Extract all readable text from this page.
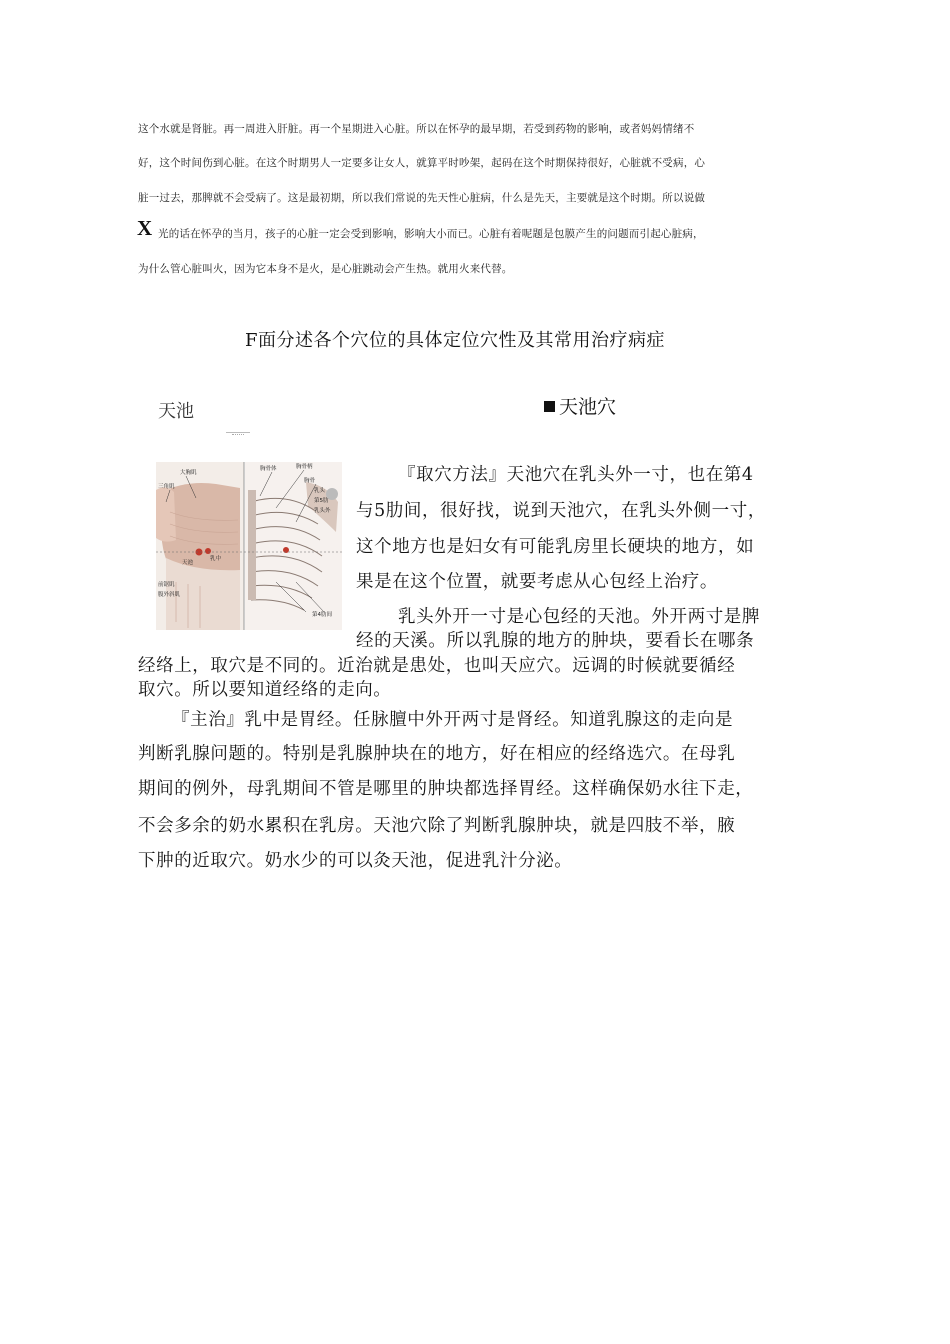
这个水就是肾脏。再一周进入肝脏。再一个星期进入心脏。所以在怀孕的最早期，若受到药物的影响，或者妈妈情绪不
好，这个时间伤到心脏。在这个时期男人一定要多让女人，就算平时吵架，起码在这个时期保持很好，心脏就不受病，心
脏一过去，那脾就不会受病了。这是最初期，所以我们常说的先天性心脏病，什么是先天，主要就是这个时期。所以说做
X 光的话在怀孕的当月，孩子的心脏一定会受到影响，影响大小而已。心脏有着呢题是包膜产生的问题而引起心脏病，
为什么管心脏叫火，因为它本身不是火，是心脏跳动会产生热。就用火来代替。
F面分述各个穴位的具体定位穴性及其常用治疗病症
天池	天池穴
大胸肌
三角肌
胸骨体	胸骨柄
胸骨
乳中
天池
前锯肌
腹外斜肌
第4肋间
乳头
第5肋
乳头外
『取穴方法』天池穴在乳头外一寸，也在第4
与5肋间，很好找，说到天池穴，在乳头外侧一寸，
这个地方也是妇女有可能乳房里长硬块的地方，如
果是在这个位置，就要考虑从心包经上治疗。
乳头外开一寸是心包经的天池。外开两寸是脾
经的天溪。所以乳腺的地方的肿块，要看长在哪条
经络上，取穴是不同的。近治就是患处，也叫天应穴。远调的时候就要循经
取穴。所以要知道经络的走向。
『主治』乳中是胃经。任脉膻中外开两寸是肾经。知道乳腺这的走向是
判断乳腺问题的。特别是乳腺肿块在的地方，好在相应的经络选穴。在母乳
期间的例外，母乳期间不管是哪里的肿块都选择胃经。这样确保奶水往下走，
不会多余的奶水累积在乳房。天池穴除了判断乳腺肿块，就是四肢不举，腋
下肿的近取穴。奶水少的可以灸天池，促进乳汁分泌。
